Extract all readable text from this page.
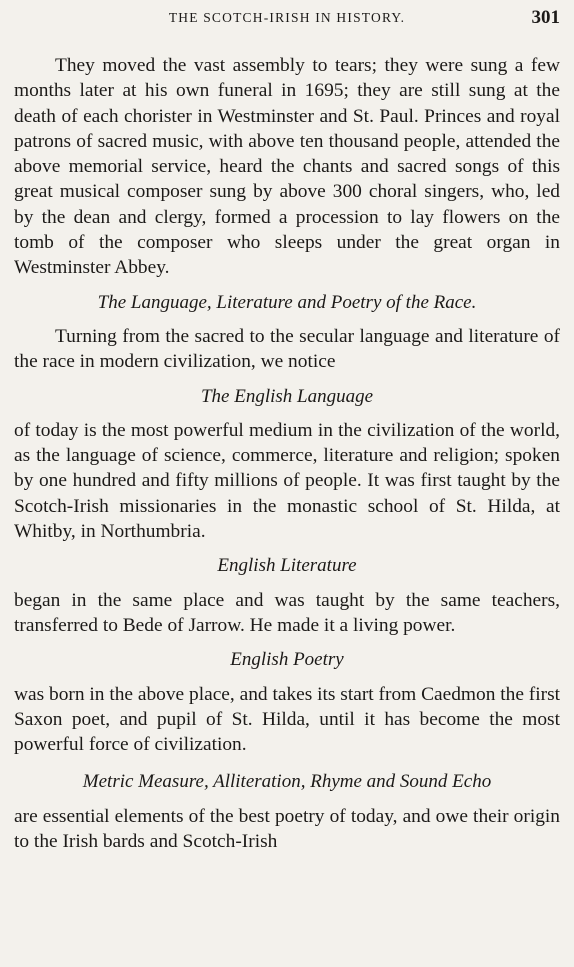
THE SCOTCH-IRISH IN HISTORY.	301

They moved the vast assembly to tears; they were sung a few months later at his own funeral in 1695; they are still sung at the death of each chorister in Westminster and St. Paul. Princes and royal patrons of sacred music, with above ten thousand people, attended the above memorial service, heard the chants and sacred songs of this great musical composer sung by above 300 choral singers, who, led by the dean and clergy, formed a procession to lay flowers on the tomb of the composer who sleeps under the great organ in Westminster Abbey.

The Language, Literature and Poetry of the Race.

Turning from the sacred to the secular language and literature of the race in modern civilization, we notice

The English Language

of today is the most powerful medium in the civilization of the world, as the language of science, commerce, literature and religion; spoken by one hundred and fifty millions of people. It was first taught by the Scotch-Irish missionaries in the monastic school of St. Hilda, at Whitby, in Northumbria.

English Literature

began in the same place and was taught by the same teachers, transferred to Bede of Jarrow. He made it a living power.

English Poetry

was born in the above place, and takes its start from Caedmon the first Saxon poet, and pupil of St. Hilda, until it has become the most powerful force of civilization.

Metric Measure, Alliteration, Rhyme and Sound Echo

are essential elements of the best poetry of today, and owe their origin to the Irish bards and Scotch-Irish
